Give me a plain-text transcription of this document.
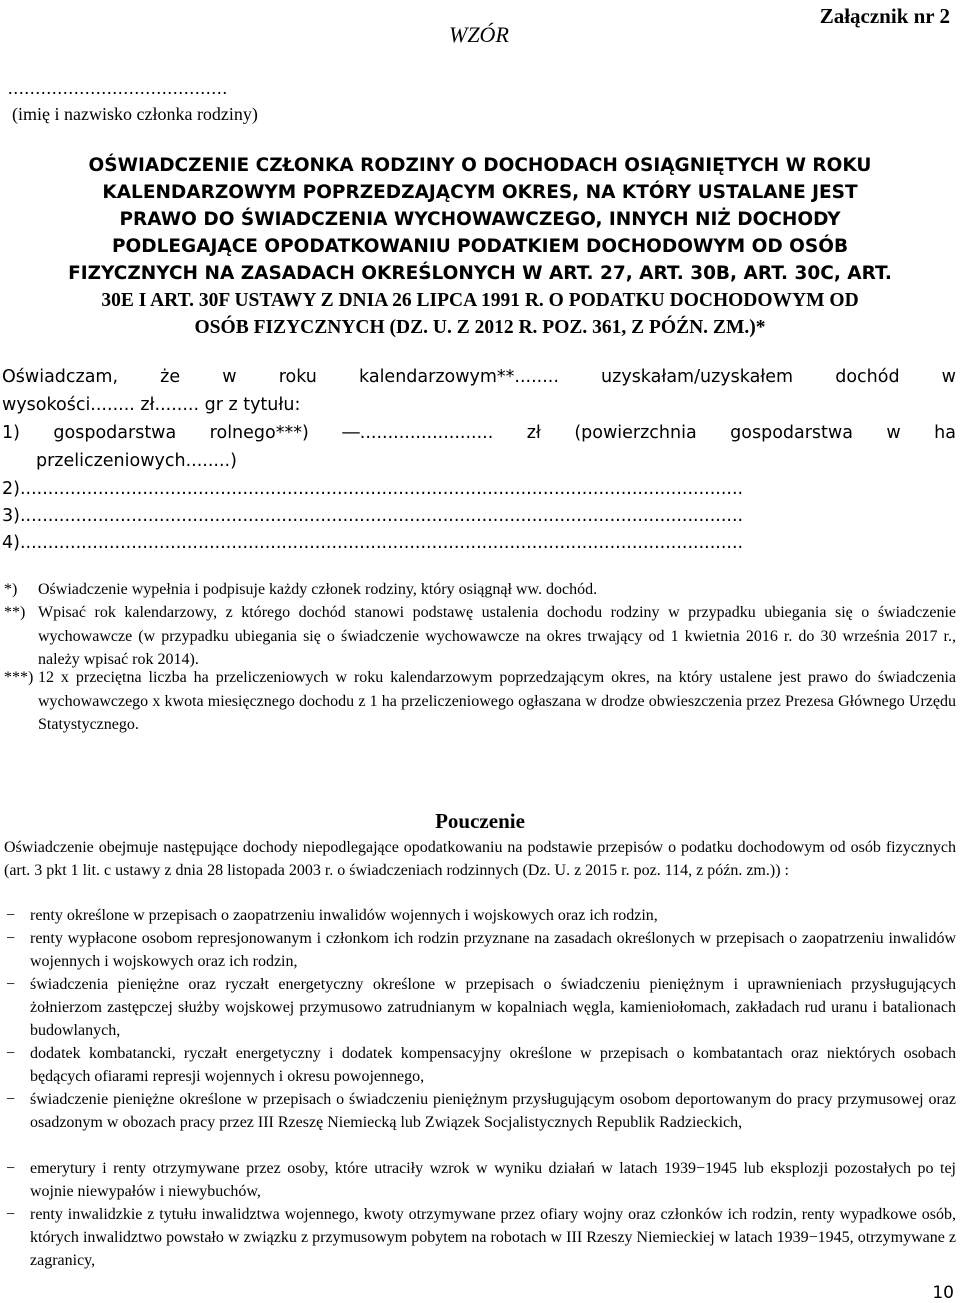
WZÓR
Załącznik nr 2
........................................
(imię i nazwisko członka rodziny)
OŚWIADCZENIE CZŁONKA RODZINY O DOCHODACH OSIĄGNIĘTYCH W ROKU
KALENDARZOWYM POPRZEDZAJĄCYM OKRES, NA KTÓRY USTALANE JEST
PRAWO DO ŚWIADCZENIA WYCHOWAWCZEGO, INNYCH NIŻ DOCHODY
PODLEGAJĄCE OPODATKOWANIU PODATKIEM DOCHODOWYM OD OSÓB
FIZYCZNYCH NA ZASADACH OKREŚLONYCH W ART. 27, ART. 30B, ART. 30C, ART.
30E I ART. 30F USTAWY Z DNIA 26 LIPCA 1991 R. O PODATKU DOCHODOWYM OD
OSÓB FIZYCZNYCH (DZ. U. Z 2012 R. POZ. 361, Z PÓŹN. ZM.)*
Oświadczam, że w roku kalendarzowym**........ uzyskałam/uzyskałem dochód w
wysokości........ zł........ gr z tytułu:
1) gospodarstwa rolnego***) ―........................ zł (powierzchnia gospodarstwa w ha
przeliczeniowych........)
2)..................................................................................................................................
3)..................................................................................................................................
4)..................................................................................................................................
*) Oświadczenie wypełnia i podpisuje każdy członek rodziny, który osiągnął ww. dochód.
**) Wpisać rok kalendarzowy, z którego dochód stanowi podstawę ustalenia dochodu rodziny w przypadku ubiegania się o świadczenie wychowawcze (w przypadku ubiegania się o świadczenie wychowawcze na okres trwający od 1 kwietnia 2016 r. do 30 września 2017 r., należy wpisać rok 2014).
***) 12 x przeciętna liczba ha przeliczeniowych w roku kalendarzowym poprzedzającym okres, na który ustalene jest prawo do świadczenia wychowawczego x kwota miesięcznego dochodu z 1 ha przeliczeniowego ogłaszana w drodze obwieszczenia przez Prezesa Głównego Urzędu Statystycznego.
Pouczenie
Oświadczenie obejmuje następujące dochody niepodlegające opodatkowaniu na podstawie przepisów o podatku dochodowym od osób fizycznych (art. 3 pkt 1 lit. c ustawy z dnia 28 listopada 2003 r. o świadczeniach rodzinnych (Dz. U. z 2015 r. poz. 114, z późn. zm.)) :
− renty określone w przepisach o zaopatrzeniu inwalidów wojennych i wojskowych oraz ich rodzin,
− renty wypłacone osobom represjonowanym i członkom ich rodzin przyznane na zasadach określonych w przepisach o zaopatrzeniu inwalidów wojennych i wojskowych oraz ich rodzin,
− świadczenia pieniężne oraz ryczałt energetyczny określone w przepisach o świadczeniu pieniężnym i uprawnieniach przysługujących żołnierzom zastępczej służby wojskowej przymusowo zatrudnianym w kopalniach węgla, kamieniołomach, zakładach rud uranu i batalionach budowlanych,
− dodatek kombatancki, ryczałt energetyczny i dodatek kompensacyjny określone w przepisach o kombatantach oraz niektórych osobach będących ofiarami represji wojennych i okresu powojennego,
− świadczenie pieniężne określone w przepisach o świadczeniu pieniężnym przysługującym osobom deportowanym do pracy przymusowej oraz osadzonym w obozach pracy przez III Rzeszę Niemiecką lub Związek Socjalistycznych Republik Radzieckich,
− emerytury i renty otrzymywane przez osoby, które utraciły wzrok w wyniku działań w latach 1939−1945 lub eksplozji pozostałych po tej wojnie niewypałów i niewybuchów,
− renty inwalidzkie z tytułu inwalidztwa wojennego, kwoty otrzymywane przez ofiary wojny oraz członków ich rodzin, renty wypadkowe osób, których inwalidztwo powstało w związku z przymusowym pobytem na robotach w III Rzeszy Niemieckiej w latach 1939−1945, otrzymywane z zagranicy,
10
